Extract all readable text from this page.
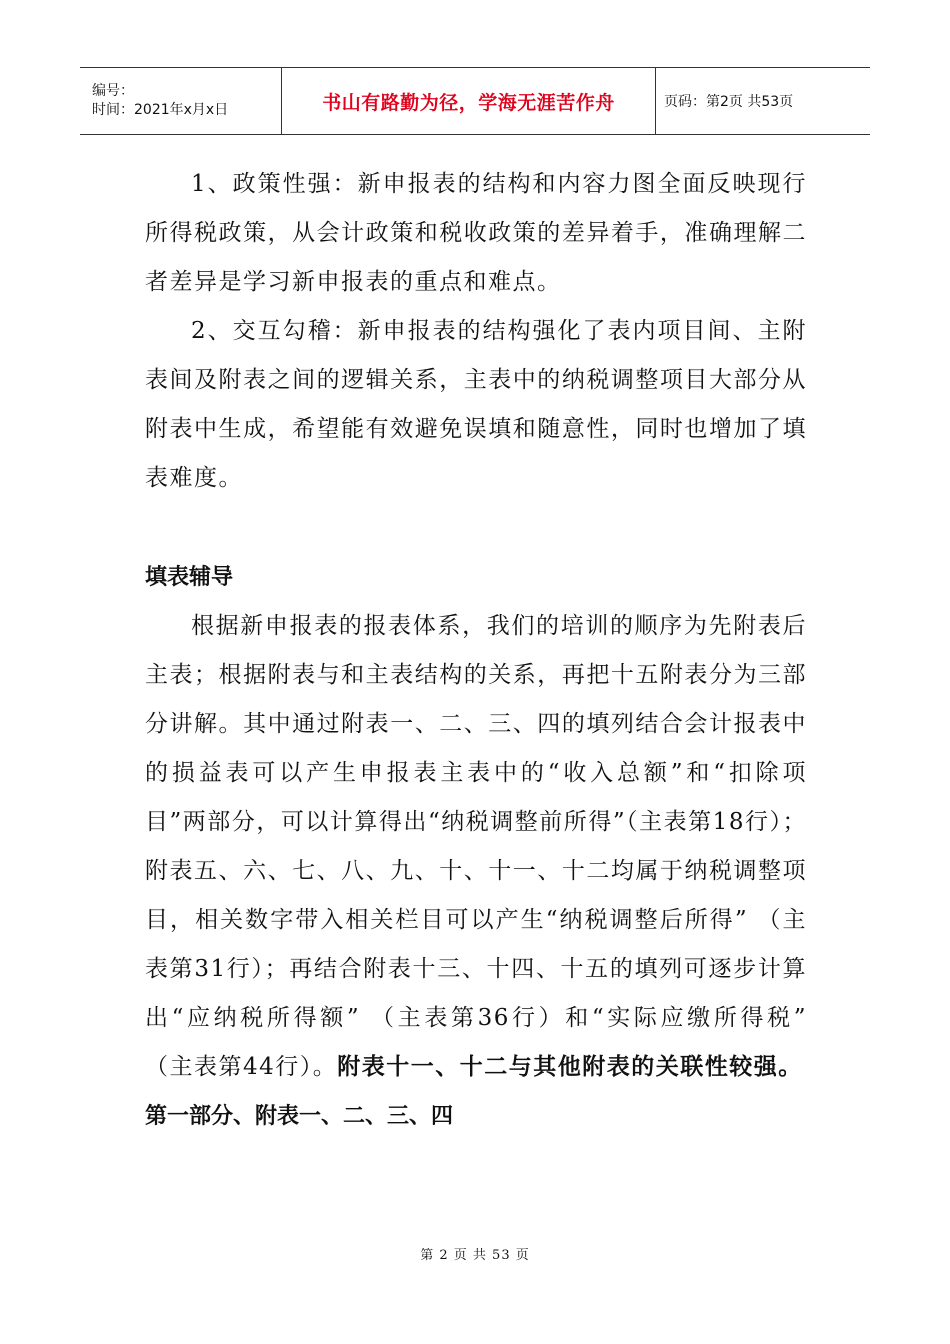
编号：
时间：2021年x月x日	书山有路勤为径，学海无涯苦作舟	页码：第2页 共53页

1、政策性强：新申报表的结构和内容力图全面反映现行所得税政策，从会计政策和税收政策的差异着手，准确理解二者差异是学习新申报表的重点和难点。

2、交互勾稽：新申报表的结构强化了表内项目间、主附表间及附表之间的逻辑关系，主表中的纳税调整项目大部分从附表中生成，希望能有效避免误填和随意性，同时也增加了填表难度。

填表辅导

根据新申报表的报表体系，我们的培训的顺序为先附表后主表；根据附表与和主表结构的关系，再把十五附表分为三部分讲解。其中通过附表一、二、三、四的填列结合会计报表中的损益表可以产生申报表主表中的“收入总额”和“扣除项目”两部分，可以计算得出“纳税调整前所得”（主表第18行）；附表五、六、七、八、九、十、十一、十二均属于纳税调整项目，相关数字带入相关栏目可以产生“纳税调整后所得” （主表第31行）；再结合附表十三、十四、十五的填列可逐步计算出“应纳税所得额” （主表第36行）和“实际应缴所得税” （主表第44行）。附表十一、十二与其他附表的关联性较强。

第一部分、附表一、二、三、四

第 2 页 共 53 页
